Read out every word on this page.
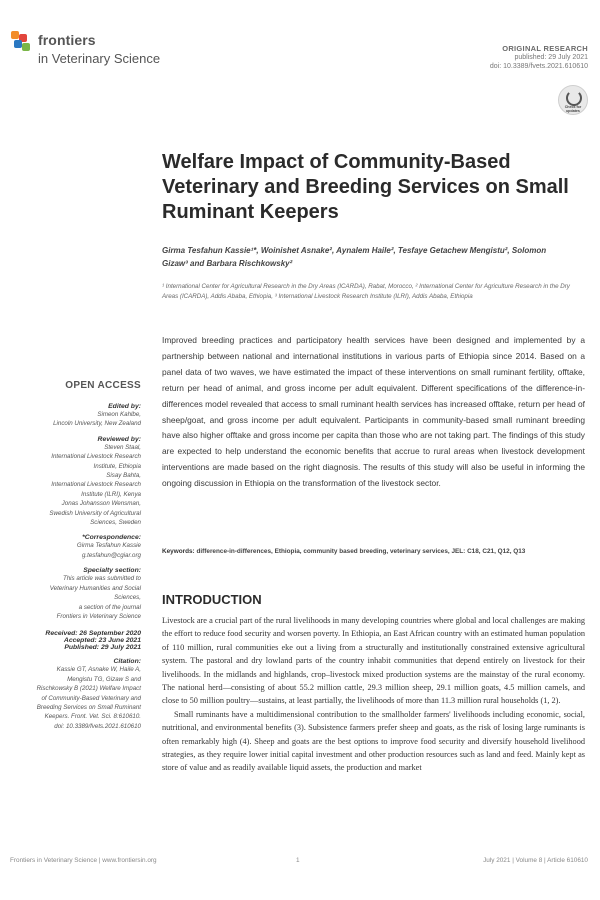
frontiers
in Veterinary Science
ORIGINAL RESEARCH
published: 29 July 2021
doi: 10.3389/fvets.2021.610610
Check for updates
Welfare Impact of Community-Based Veterinary and Breeding Services on Small Ruminant Keepers
Girma Tesfahun Kassie¹*, Woinishet Asnake², Aynalem Haile², Tesfaye Getachew Mengistu², Solomon Gizaw³ and Barbara Rischkowsky²
¹ International Center for Agricultural Research in the Dry Areas (ICARDA), Rabat, Morocco, ² International Center for Agriculture Research in the Dry Areas (ICARDA), Addis Ababa, Ethiopia, ³ International Livestock Research Institute (ILRI), Addis Ababa, Ethiopia
Improved breeding practices and participatory health services have been designed and implemented by a partnership between national and international institutions in various parts of Ethiopia since 2014. Based on a panel data of two waves, we have estimated the impact of these interventions on small ruminant fertility, offtake, return per head of animal, and gross income per adult equivalent. Different specifications of the difference-in-differences model revealed that access to small ruminant health services has increased offtake, return per head of sheep/goat, and gross income per adult equivalent. Participants in community-based small ruminant breeding have also higher offtake and gross income per capita than those who are not taking part. The findings of this study are expected to help understand the economic benefits that accrue to rural areas when livestock development interventions are made based on the right diagnosis. The results of this study will also be useful in informing the ongoing discussion in Ethiopia on the transformation of the livestock sector.
Keywords: difference-in-differences, Ethiopia, community based breeding, veterinary services, JEL: C18, C21, Q12, Q13
INTRODUCTION

Livestock are a crucial part of the rural livelihoods in many developing countries where global and local challenges are making the effort to reduce food security and worsen poverty. In Ethiopia, an East African country with an estimated human population of 110 million, rural communities eke out a living from a structurally and institutionally constrained extensive agricultural system. The pastoral and dry lowland parts of the country inhabit communities that depend entirely on livestock for their livelihoods. In the midlands and highlands, crop–livestock mixed production systems are the mainstay of the rural economy. The national herd—consisting of about 55.2 million cattle, 29.3 million sheep, 29.1 million goats, 4.5 million camels, and close to 50 million poultry—sustains, at least partially, the livelihoods of more than 11.3 million rural households (1, 2).

Small ruminants have a multidimensional contribution to the smallholder farmers' livelihoods including economic, social, nutritional, and environmental benefits (3). Subsistence farmers prefer sheep and goats, as the risk of losing large ruminants is often remarkably high (4). Sheep and goats are the best options to improve food security and diversify household livelihood strategies, as they require lower initial capital investment and other production resources such as land and feed. Mainly kept as store of value and as readily available liquid assets, the production and market

OPEN ACCESS
Edited by:
Simeon Kahlbe,
Lincoln University, New Zealand
Reviewed by:
Steven Staal,
International Livestock Research
Institute, Ethiopia
Sisay Bahta,
International Livestock Research
Institute (ILRI), Kenya
Jonas Johansson Wensman,
Swedish University of Agricultural
Sciences, Sweden
*Correspondence:
Girma Tesfahun Kassie
g.tesfahun@cgiar.org
Specialty section:
This article was submitted to
Veterinary Humanities and Social
Sciences,
a section of the journal
Frontiers in Veterinary Science
Received: 26 September 2020
Accepted: 23 June 2021
Published: 29 July 2021
Citation:
Kassie GT, Asnake W, Haile A,
Mengistu TG, Gizaw S and
Rischkowsky B (2021) Welfare Impact
of Community-Based Veterinary and
Breeding Services on Small Ruminant
Keepers. Front. Vet. Sci. 8:610610.
doi: 10.3389/fvets.2021.610610
Frontiers in Veterinary Science | www.frontiersin.org	1	July 2021 | Volume 8 | Article 610610
